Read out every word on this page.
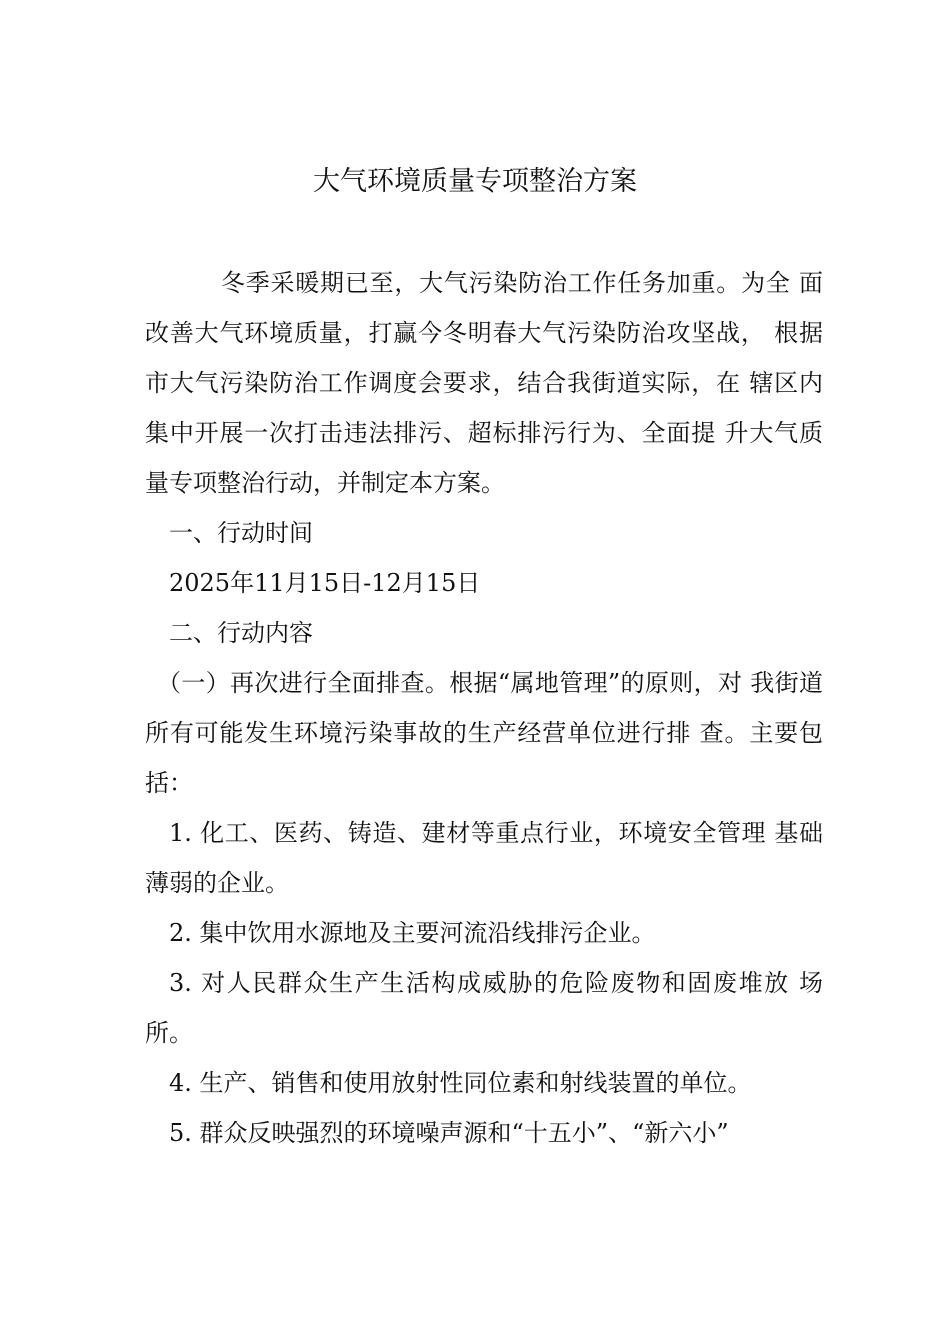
大气环境质量专项整治方案

冬季采暖期已至，大气污染防治工作任务加重。为全 面改善大气环境质量，打赢今冬明春大气污染防治攻坚战， 根据市大气污染防治工作调度会要求，结合我街道实际，在 辖区内集中开展一次打击违法排污、超标排污行为、全面提 升大气质量专项整治行动，并制定本方案。

一、行动时间

2025年11月15日-12月15日

二、行动内容

（一）再次进行全面排查。根据“属地管理”的原则，对 我街道所有可能发生环境污染事故的生产经营单位进行排 查。主要包括：

1. 化工、医药、铸造、建材等重点行业，环境安全管理 基础薄弱的企业。

2. 集中饮用水源地及主要河流沿线排污企业。

3. 对人民群众生产生活构成威胁的危险废物和固废堆放 场所。

4. 生产、销售和使用放射性同位素和射线装置的单位。

5. 群众反映强烈的环境噪声源和“十五小”、“新六小”
